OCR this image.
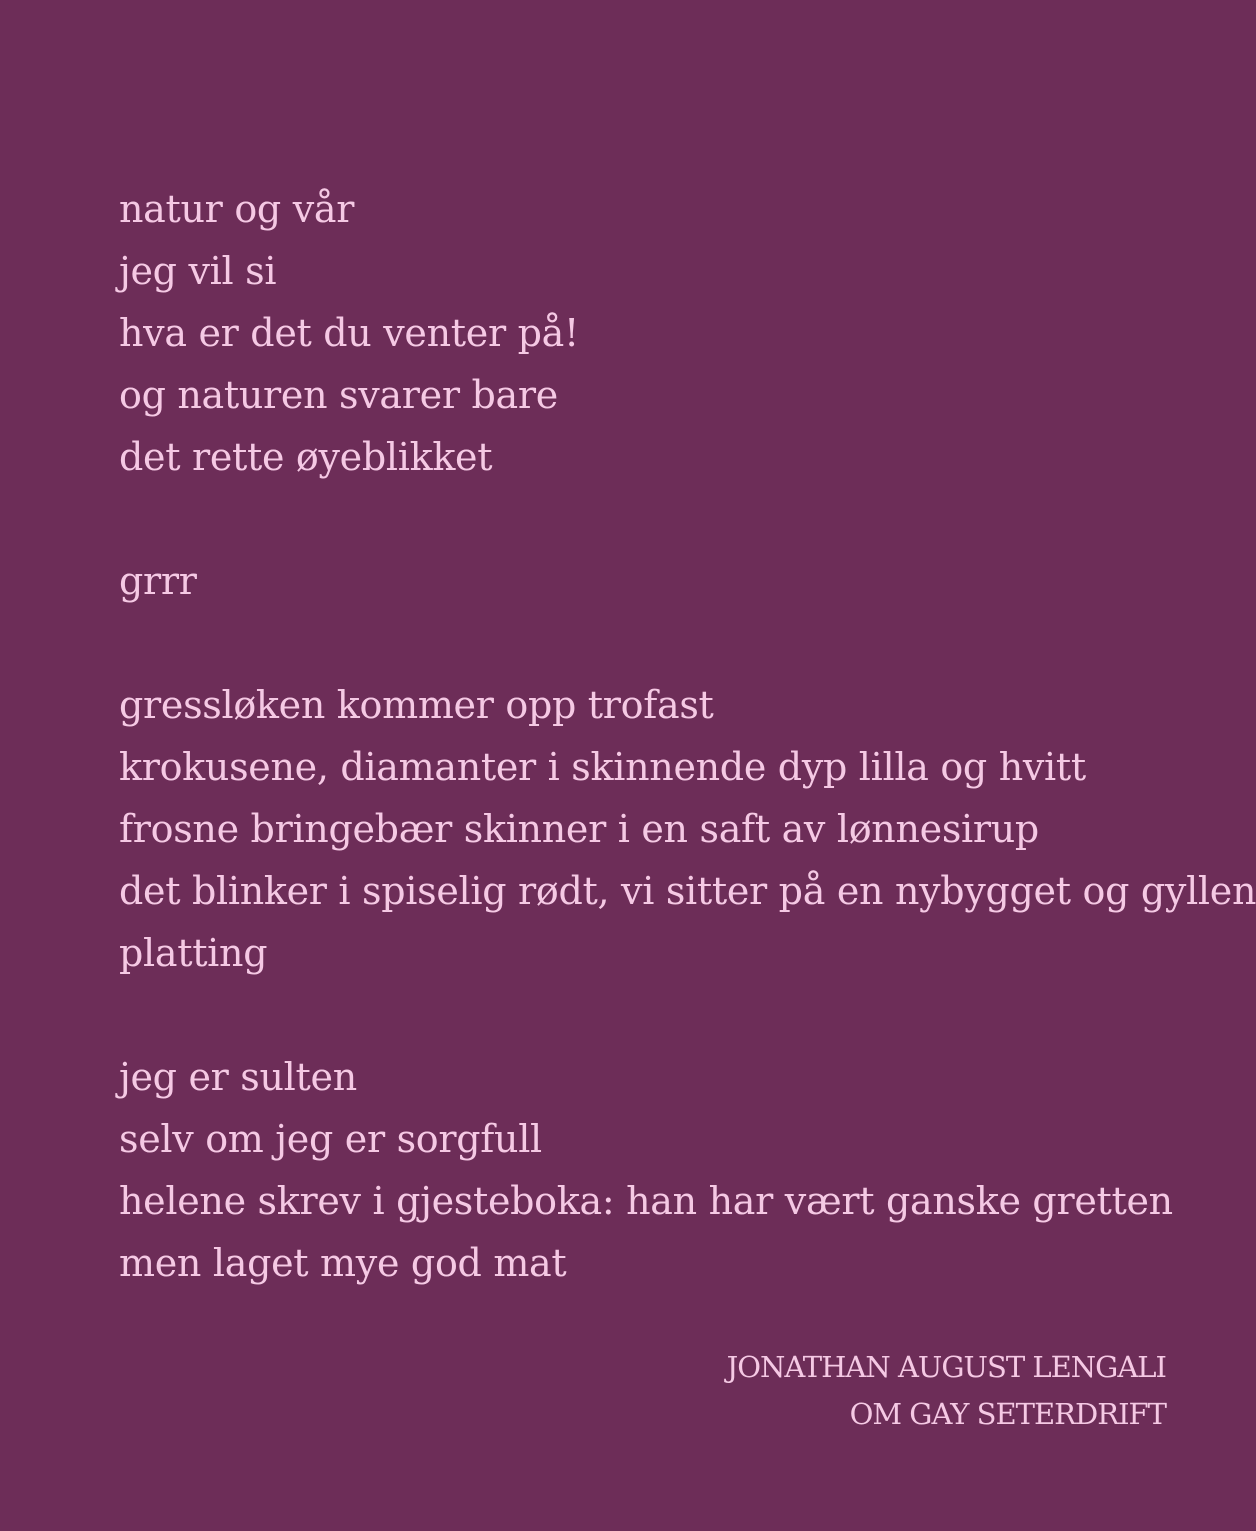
natur og vår
jeg vil si
hva er det du venter på!
og naturen svarer bare
det rette øyeblikket
grrr
gressløken kommer opp trofast
krokusene, diamanter i skinnende dyp lilla og hvitt
frosne bringebær skinner i en saft av lønnesirup
det blinker i spiselig rødt, vi sitter på en nybygget og gyllen
platting
jeg er sulten
selv om jeg er sorgfull
helene skrev i gjesteboka: han har vært ganske gretten
men laget mye god mat
JONATHAN AUGUST LENGALI
OM GAY SETERDRIFT
